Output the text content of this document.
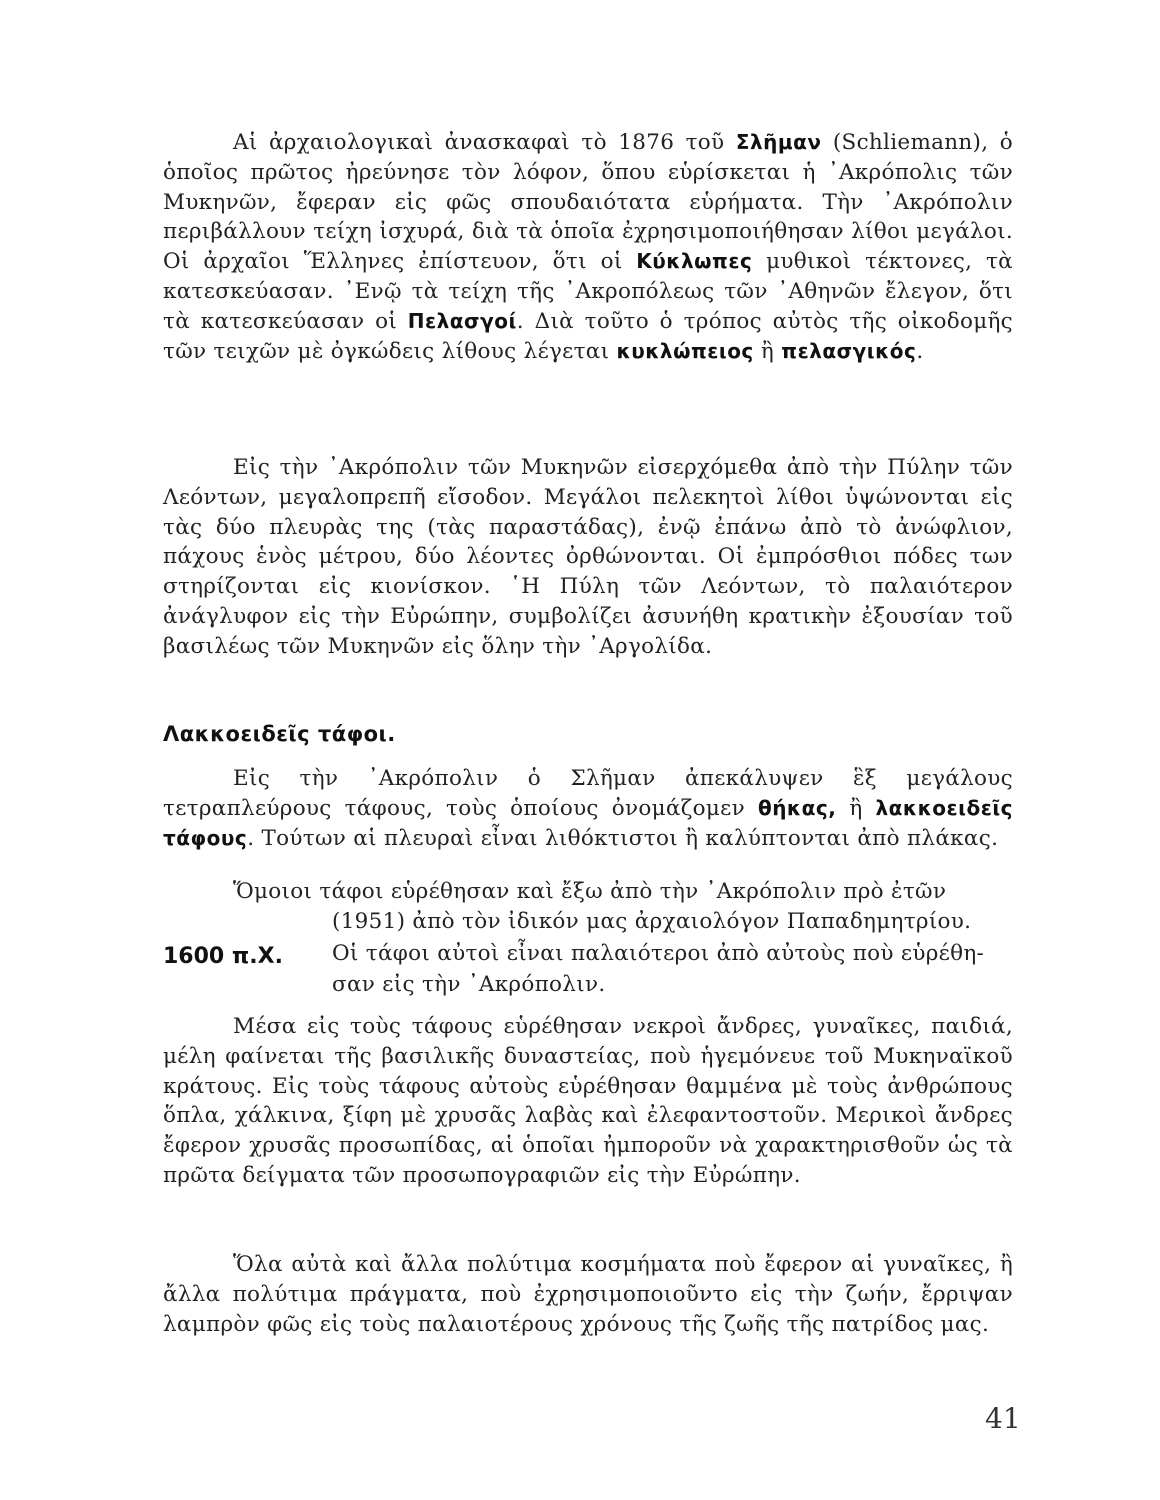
Αἱ ἀρχαιολογικαὶ ἀνασκαφαὶ τὸ 1876 τοῦ Σλῆμαν (Schliemann), ὁ ὁποῖος πρῶτος ἠρεύνησε τὸν λόφον, ὅπου εὑρίσκεται ἡ ᾽Ακρόπολις τῶν Μυκηνῶν, ἔφεραν εἰς φῶς σπουδαιότατα εὑρήματα. Τὴν ᾽Ακρόπολιν περιβάλλουν τείχη ἰσχυρά, διὰ τὰ ὁποῖα ἐχρησιμοποιήθησαν λίθοι μεγάλοι. Οἱ ἀρχαῖοι Ἕλληνες ἐπίστευον, ὅτι οἱ Κύκλωπες μυθικοὶ τέκτονες, τὰ κατεσκεύασαν. ᾽Ενῷ τὰ τείχη τῆς ᾽Ακροπόλεως τῶν ᾽Αθηνῶν ἔλεγον, ὅτι τὰ κατεσκεύασαν οἱ Πελασγοί. Διὰ τοῦτο ὁ τρόπος αὐτὸς τῆς οἰκοδομῆς τῶν τειχῶν μὲ ὀγκώδεις λίθους λέγεται κυκλώπειος ἢ πελασγικός.
Εἰς τὴν ᾽Ακρόπολιν τῶν Μυκηνῶν εἰσερχόμεθα ἀπὸ τὴν Πύλην τῶν Λεόντων, μεγαλοπρεπῆ εἴσοδον. Μεγάλοι πελεκητοὶ λίθοι ὑψώνονται εἰς τὰς δύο πλευρὰς της (τὰς παραστάδας), ἐνῷ ἐπάνω ἀπὸ τὸ ἀνώφλιον, πάχους ἑνὸς μέτρου, δύο λέοντες ὀρθώνονται. Οἱ ἐμπρόσθιοι πόδες των στηρίζονται εἰς κιονίσκον. ῾Η Πύλη τῶν Λεόντων, τὸ παλαιότερον ἀνάγλυφον εἰς τὴν Εὐρώπην, συμβολίζει ἀσυνήθη κρατικὴν ἐξουσίαν τοῦ βασιλέως τῶν Μυκηνῶν εἰς ὅλην τὴν ᾽Αργολίδα.
Λακκοειδεῖς τάφοι.
Εἰς τὴν ᾽Ακρόπολιν ὁ Σλῆμαν ἀπεκάλυψεν ἓξ μεγάλους τετραπλεύρους τάφους, τοὺς ὁποίους ὀνομάζομεν θήκας, ἢ λακκοειδεῖς τάφους. Τούτων αἱ πλευραὶ εἶναι λιθόκτιστοι ἢ καλύπτονται ἀπὸ πλάκας.
Ὅμοιοι τάφοι εὑρέθησαν καὶ ἔξω ἀπὸ τὴν ᾽Ακρόπολιν πρὸ ἐτῶν
(1951) ἀπὸ τὸν ἰδικόν μας ἀρχαιολόγον Παπαδημητρίου.
1600 π.Χ. Οἱ τάφοι αὐτοὶ εἶναι παλαιότεροι ἀπὸ αὐτοὺς ποὺ εὑρέθη-
σαν εἰς τὴν ᾽Ακρόπολιν.
Μέσα εἰς τοὺς τάφους εὑρέθησαν νεκροὶ ἄνδρες, γυναῖκες, παιδιά, μέλη φαίνεται τῆς βασιλικῆς δυναστείας, ποὺ ἡγεμόνευε τοῦ Μυκηναϊκοῦ κράτους. Εἰς τοὺς τάφους αὐτοὺς εὑρέθησαν θαμμένα μὲ τοὺς ἀνθρώπους ὅπλα, χάλκινα, ξίφη μὲ χρυσᾶς λαβὰς καὶ ἐλεφαντοστοῦν. Μερικοὶ ἄνδρες ἔφερον χρυσᾶς προσωπίδας, αἱ ὁποῖαι ἠμποροῦν νὰ χαρακτηρισθοῦν ὡς τὰ πρῶτα δείγματα τῶν προσωπογραφιῶν εἰς τὴν Εὐρώπην.
Ὅλα αὐτὰ καὶ ἄλλα πολύτιμα κοσμήματα ποὺ ἔφερον αἱ γυναῖκες, ἢ ἄλλα πολύτιμα πράγματα, ποὺ ἐχρησιμοποιοῦντο εἰς τὴν ζωήν, ἔρριψαν λαμπρὸν φῶς εἰς τοὺς παλαιοτέρους χρόνους τῆς ζωῆς τῆς πατρίδος μας.
41
